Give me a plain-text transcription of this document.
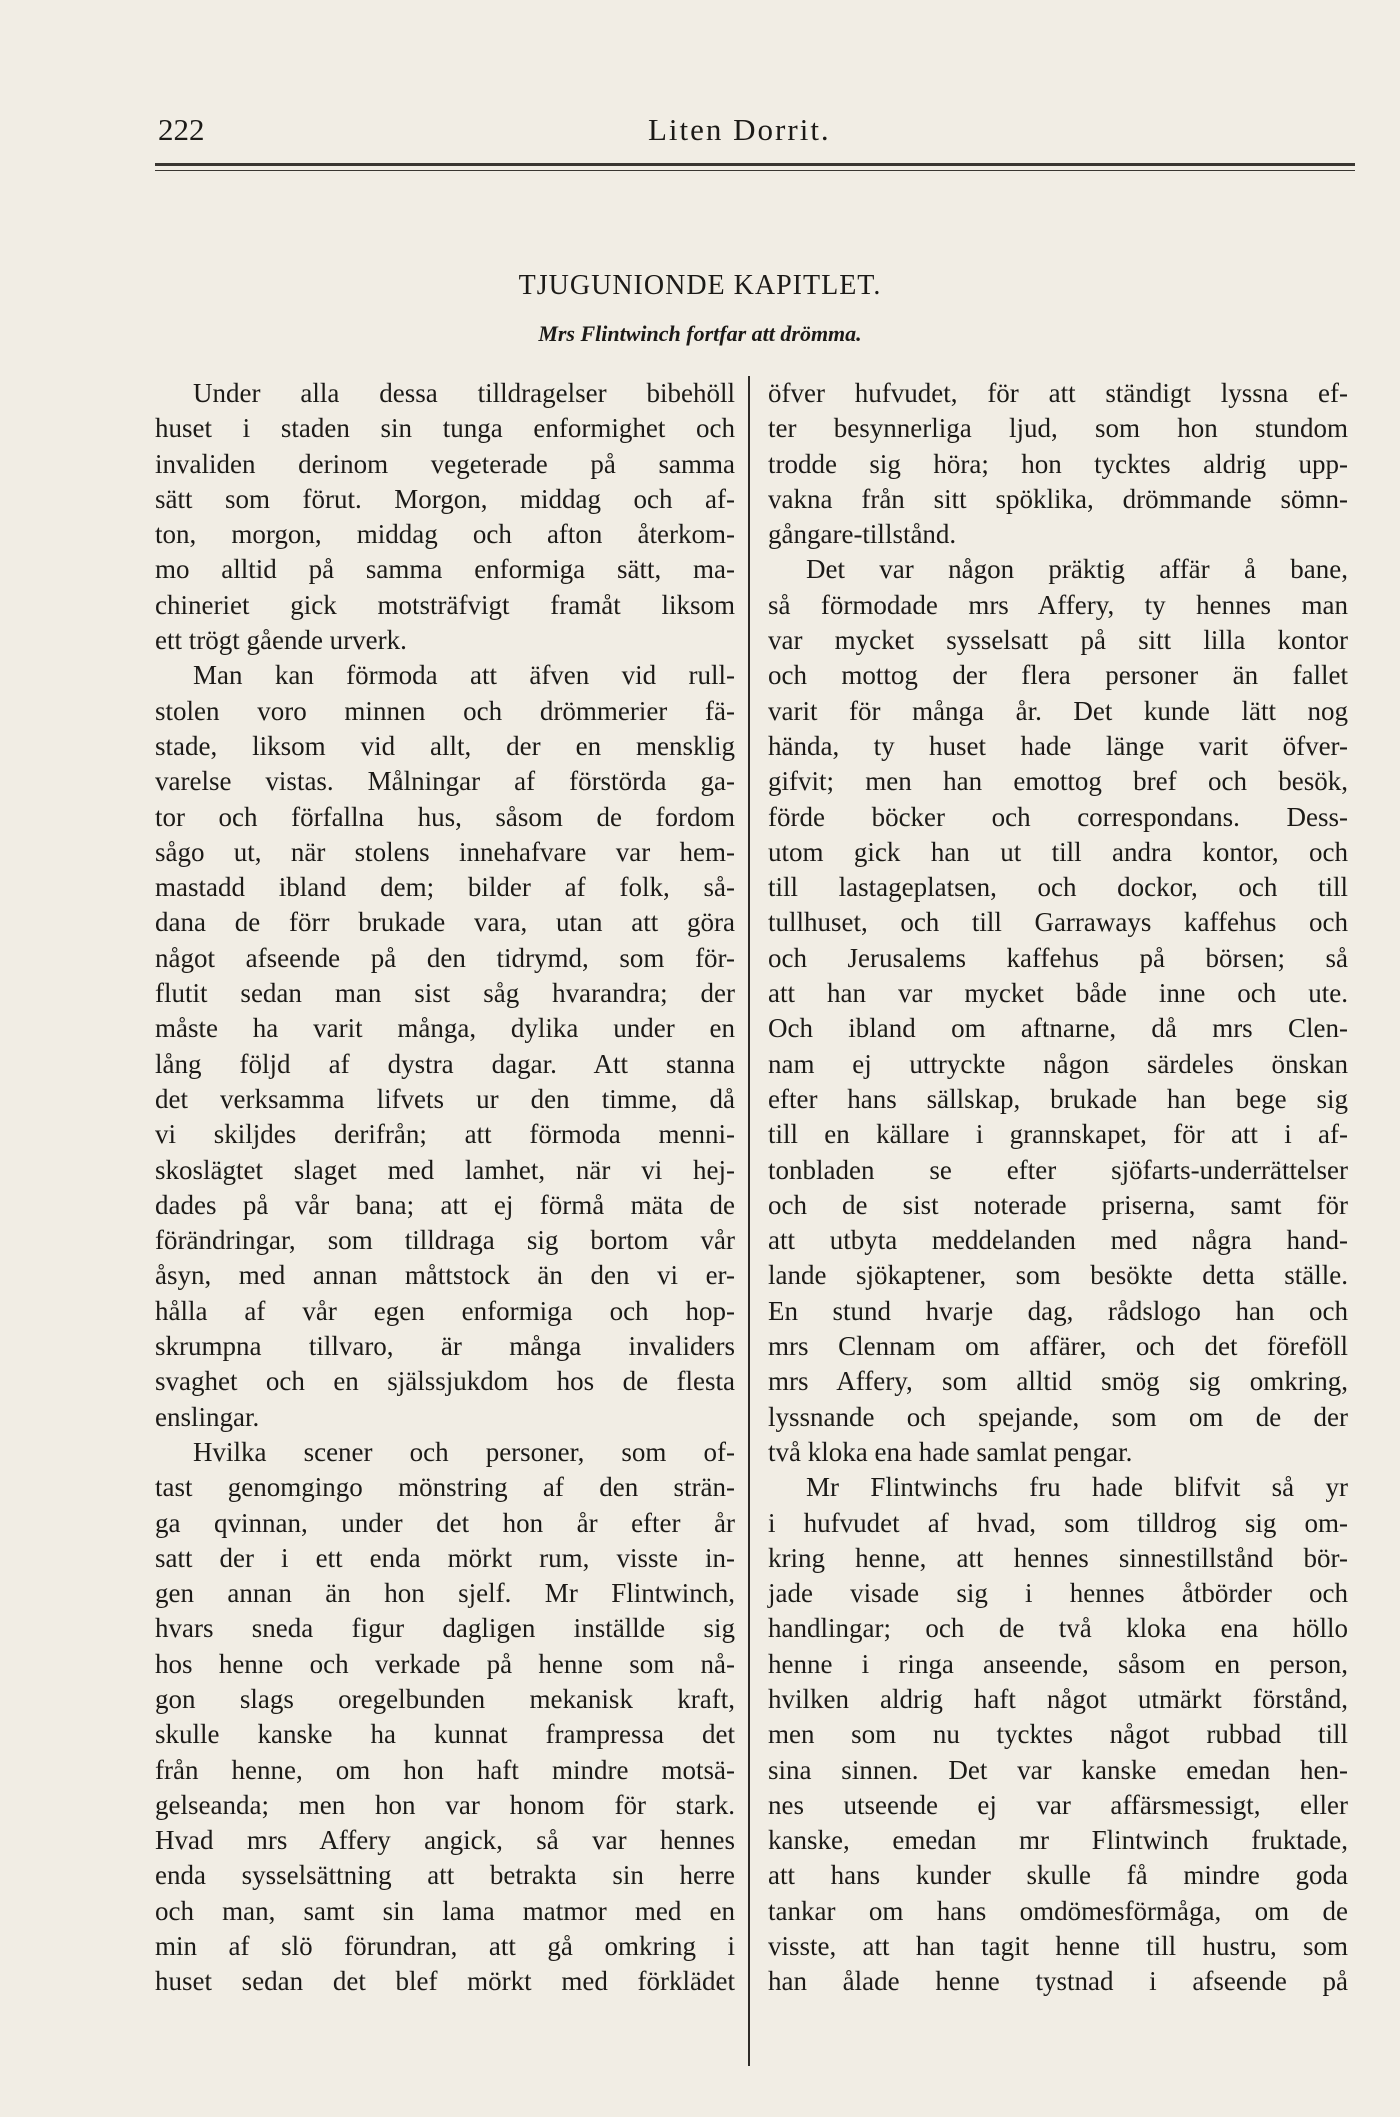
222	Liten Dorrit.
TJUGUNIONDE KAPITLET.
Mrs Flintwinch fortfar att drömma.
Under alla dessa tilldragelser bibehöll
huset i staden sin tunga enformighet och
invaliden derinom vegeterade på samma
sätt som förut. Morgon, middag och af-
ton, morgon, middag och afton återkom-
mo alltid på samma enformiga sätt, ma-
chineriet gick motsträfvigt framåt liksom
ett trögt gående urverk.
Man kan förmoda att äfven vid rull-
stolen voro minnen och drömmerier fä-
stade, liksom vid allt, der en mensklig
varelse vistas. Målningar af förstörda ga-
tor och förfallna hus, såsom de fordom
sågo ut, när stolens innehafvare var hem-
mastadd ibland dem; bilder af folk, så-
dana de förr brukade vara, utan att göra
något afseende på den tidrymd, som för-
flutit sedan man sist såg hvarandra; der
måste ha varit många, dylika under en
lång följd af dystra dagar. Att stanna
det verksamma lifvets ur den timme, då
vi skiljdes derifrån; att förmoda menni-
skoslägtet slaget med lamhet, när vi hej-
dades på vår bana; att ej förmå mäta de
förändringar, som tilldraga sig bortom vår
åsyn, med annan måttstock än den vi er-
hålla af vår egen enformiga och hop-
skrumpna tillvaro, är många invaliders
svaghet och en själssjukdom hos de flesta
enslingar.
Hvilka scener och personer, som of-
tast genomgingo mönstring af den strän-
ga qvinnan, under det hon år efter år
satt der i ett enda mörkt rum, visste in-
gen annan än hon sjelf. Mr Flintwinch,
hvars sneda figur dagligen inställde sig
hos henne och verkade på henne som nå-
gon slags oregelbunden mekanisk kraft,
skulle kanske ha kunnat frampressa det
från henne, om hon haft mindre motsä-
gelseanda; men hon var honom för stark.
Hvad mrs Affery angick, så var hennes
enda sysselsättning att betrakta sin herre
och man, samt sin lama matmor med en
min af slö förundran, att gå omkring i
huset sedan det blef mörkt med förklädet
öfver hufvudet, för att ständigt lyssna ef-
ter besynnerliga ljud, som hon stundom
trodde sig höra; hon tycktes aldrig upp-
vakna från sitt spöklika, drömmande sömn-
gångare-tillstånd.
Det var någon präktig affär å bane,
så förmodade mrs Affery, ty hennes man
var mycket sysselsatt på sitt lilla kontor
och mottog der flera personer än fallet
varit för många år. Det kunde lätt nog
hända, ty huset hade länge varit öfver-
gifvit; men han emottog bref och besök,
förde böcker och correspondans. Dess-
utom gick han ut till andra kontor, och
till lastageplatsen, och dockor, och till
tullhuset, och till Garraways kaffehus och
och Jerusalems kaffehus på börsen; så
att han var mycket både inne och ute.
Och ibland om aftnarne, då mrs Clen-
nam ej uttryckte någon särdeles önskan
efter hans sällskap, brukade han bege sig
till en källare i grannskapet, för att i af-
tonbladen se efter sjöfarts-underrättelser
och de sist noterade priserna, samt för
att utbyta meddelanden med några hand-
lande sjökaptener, som besökte detta ställe.
En stund hvarje dag, rådslogo han och
mrs Clennam om affärer, och det föreföll
mrs Affery, som alltid smög sig omkring,
lyssnande och spejande, som om de der
två kloka ena hade samlat pengar.
Mr Flintwinchs fru hade blifvit så yr
i hufvudet af hvad, som tilldrog sig om-
kring henne, att hennes sinnestillstånd bör-
jade visade sig i hennes åtbörder och
handlingar; och de två kloka ena höllo
henne i ringa anseende, såsom en person,
hvilken aldrig haft något utmärkt förstånd,
men som nu tycktes något rubbad till
sina sinnen. Det var kanske emedan hen-
nes utseende ej var affärsmessigt, eller
kanske, emedan mr Flintwinch fruktade,
att hans kunder skulle få mindre goda
tankar om hans omdömesförmåga, om de
visste, att han tagit henne till hustru, som
han ålade henne tystnad i afseende på
